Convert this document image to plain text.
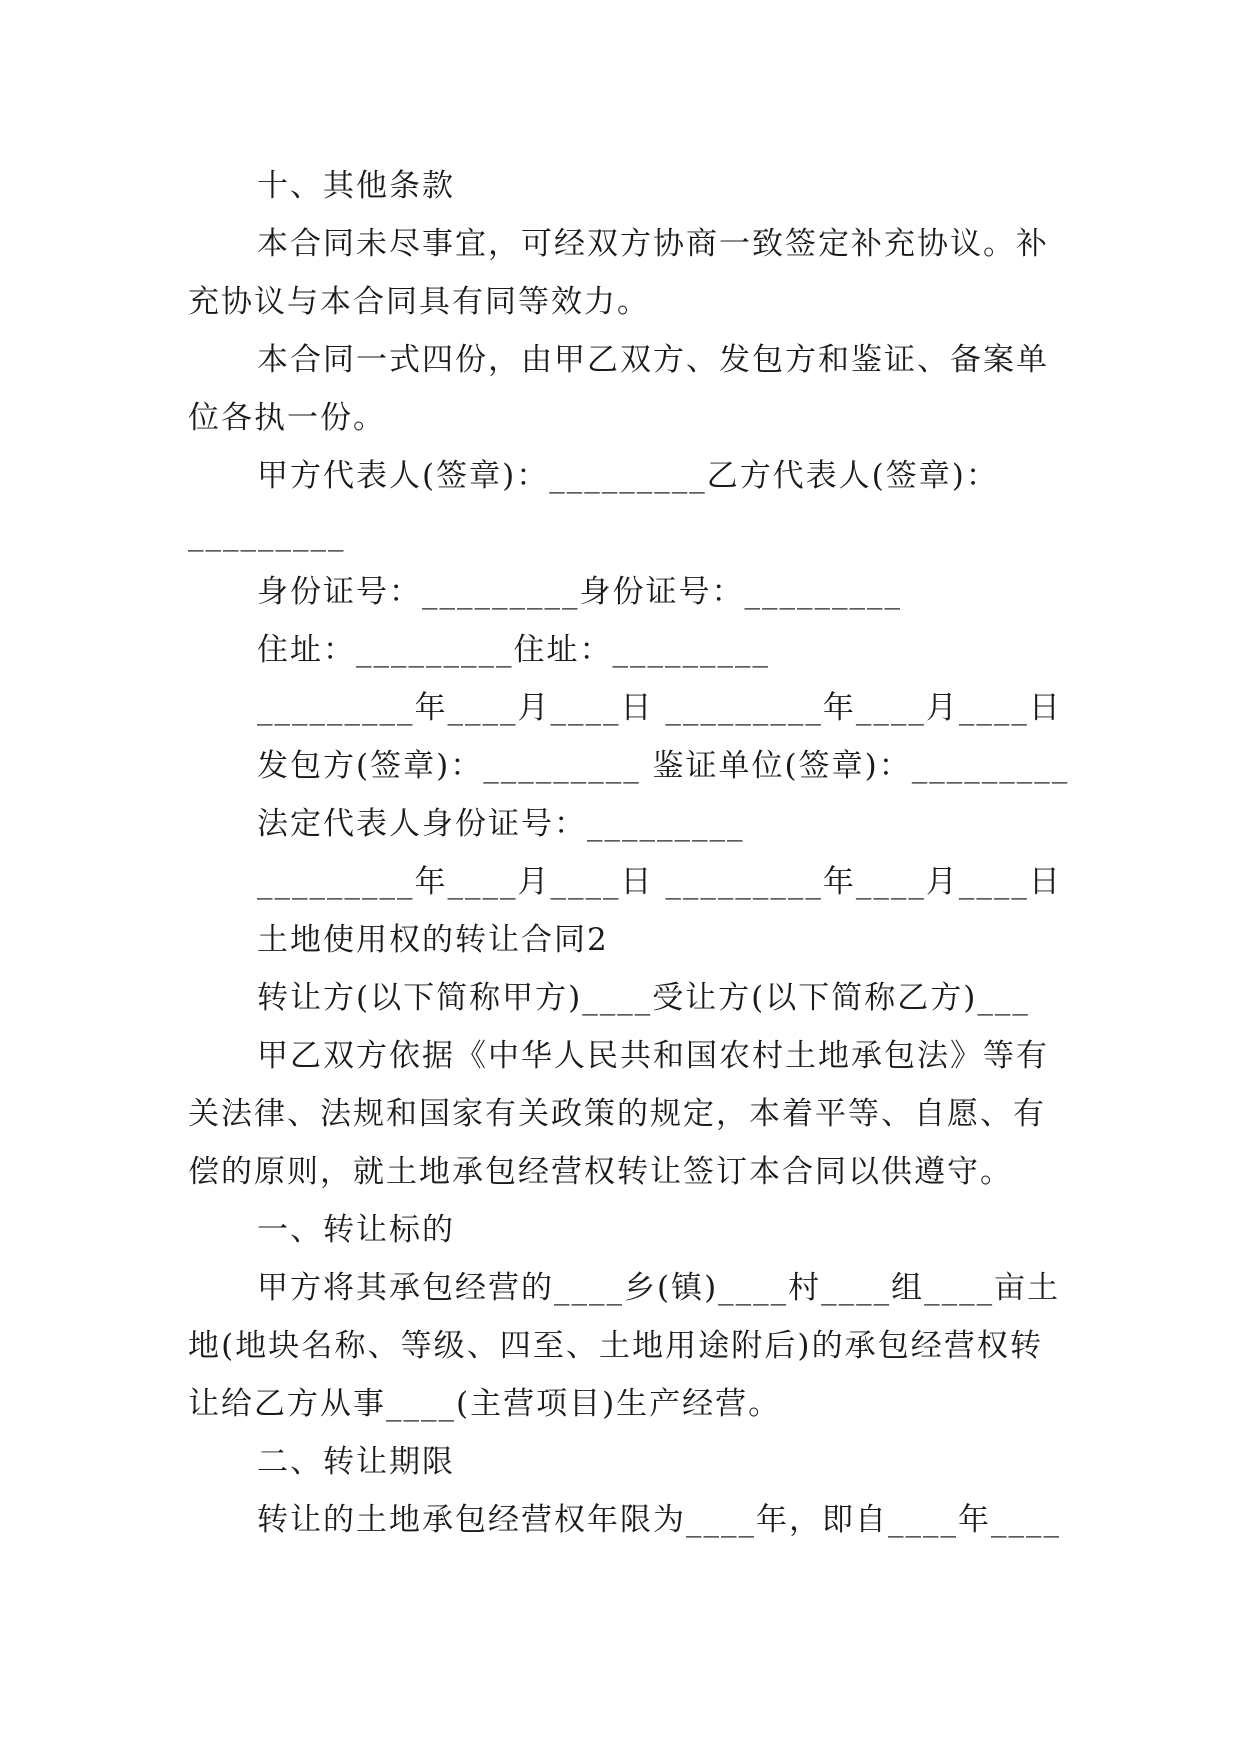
十、其他条款
本合同未尽事宜，可经双方协商一致签定补充协议。补
充协议与本合同具有同等效力。
本合同一式四份，由甲乙双方、发包方和鉴证、备案单
位各执一份。
甲方代表人(签章)：_________乙方代表人(签章)：
_________
身份证号：_________身份证号：_________
住址：_________住址：_________
_________年____月____日 _________年____月____日
发包方(签章)：_________ 鉴证单位(签章)：_________
法定代表人身份证号：_________
_________年____月____日 _________年____月____日
土地使用权的转让合同2
转让方(以下简称甲方)____受让方(以下简称乙方)___
甲乙双方依据《中华人民共和国农村土地承包法》等有
关法律、法规和国家有关政策的规定，本着平等、自愿、有
偿的原则，就土地承包经营权转让签订本合同以供遵守。
一、转让标的
甲方将其承包经营的____乡(镇)____村____组____亩土
地(地块名称、等级、四至、土地用途附后)的承包经营权转
让给乙方从事____(主营项目)生产经营。
二、转让期限
转让的土地承包经营权年限为____年，即自____年____
